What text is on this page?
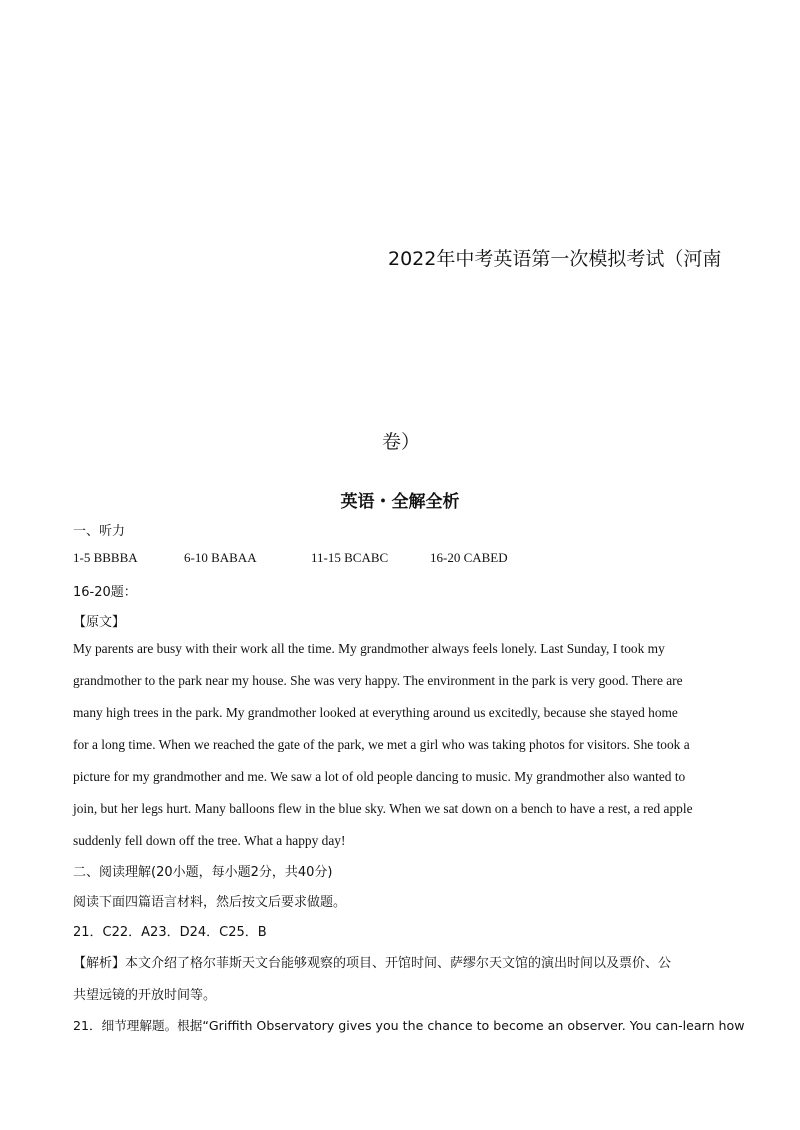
2022年中考英语第一次模拟考试（河南
卷）
英语・全解全析
一、听力
1-5 BBBBA	6-10 BABAA	11-15 BCABC	16-20 CABED
16-20题：
【原文】
My parents are busy with their work all the time. My grandmother always feels lonely. Last Sunday, I took my
grandmother to the park near my house. She was very happy. The environment in the park is very good. There are
many high trees in the park. My grandmother looked at everything around us excitedly, because she stayed home
for a long time. When we reached the gate of the park, we met a girl who was taking photos for visitors. She took a
picture for my grandmother and me. We saw a lot of old people dancing to music. My grandmother also wanted to
join, but her legs hurt. Many balloons flew in the blue sky. When we sat down on a bench to have a rest, a red apple
suddenly fell down off the tree. What a happy day!
二、阅读理解(20小题，每小题2分，共40分)
阅读下面四篇语言材料，然后按文后要求做题。
21．C22．A23．D24．C25．B
【解析】本文介绍了格尔菲斯天文台能够观察的项目、开馆时间、萨缪尔天文馆的演出时间以及票价、公
共望远镜的开放时间等。
21．细节理解题。根据“Griffith Observatory gives you the chance to become an observer. You can-learn how
